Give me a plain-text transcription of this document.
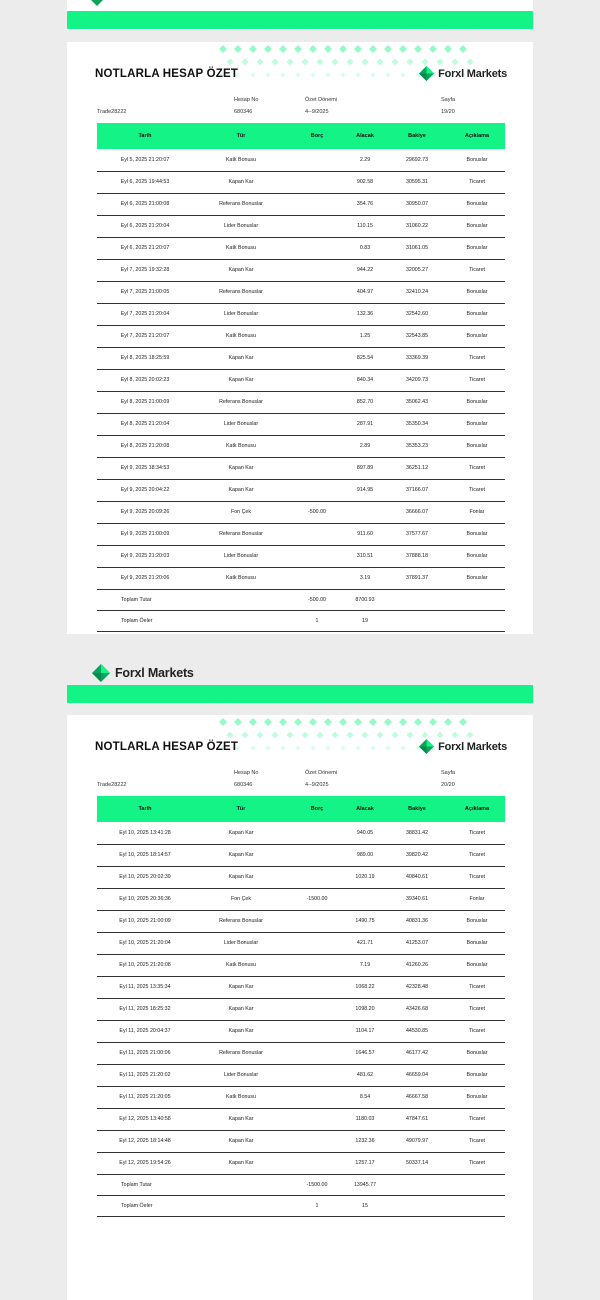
NOTLARLA HESAP ÖZET	Forxl Markets
Hesap No
680346
Trade28222
Özet Dönemi
4--9/2025
Sayfa
19/20
Tarih	Tür	Borç	Alacak	Bakiye	Açıklama
Eyl 5, 2025 21:20:07	Katk Bonusu		2.29	29692.73	Bonuslar
Eyl 6, 2025 19:44:53	Kapan Kar		902.58	30595.31	Ticaret
Eyl 6, 2025 21:00:08	Referans Bonuslar		354.76	30950.07	Bonuslar
Eyl 6, 2025 21:20:04	Lider Bonuslar		110.15	31060.22	Bonuslar
Eyl 6, 2025 21:20:07	Katk Bonusu		0.83	31061.05	Bonuslar
Eyl 7, 2025 19:32:28	Kapan Kar		944.22	32005.27	Ticaret
Eyl 7, 2025 21:00:05	Referans Bonuslar		404.97	32410.24	Bonuslar
Eyl 7, 2025 21:20:04	Lider Bonuslar		132.36	32542.60	Bonuslar
Eyl 7, 2025 21:20:07	Katk Bonusu		1.25	32543.85	Bonuslar
Eyl 8, 2025 18:25:59	Kapan Kar		825.54	33369.39	Ticaret
Eyl 8, 2025 20:02:23	Kapan Kar		840.34	34209.73	Ticaret
Eyl 8, 2025 21:00:09	Referans Bonuslar		852.70	35062.43	Bonuslar
Eyl 8, 2025 21:20:04	Lider Bonuslar		287.91	35350.34	Bonuslar
Eyl 8, 2025 21:20:08	Katk Bonusu		2.89	35353.23	Bonuslar
Eyl 9, 2025 18:34:53	Kapan Kar		897.89	36251.12	Ticaret
Eyl 9, 2025 20:04:22	Kapan Kar		914.95	37166.07	Ticaret
Eyl 9, 2025 20:09:26	Fon Çek	-500.00		36666.07	Fonlar
Eyl 9, 2025 21:00:09	Referans Bonuslar		911.60	37577.67	Bonuslar
Eyl 9, 2025 21:20:03	Lider Bonuslar		310.51	37888.18	Bonuslar
Eyl 9, 2025 21:20:06	Katk Bonusu		3.19	37891.37	Bonuslar
Toplam Tutar		-500.00	8700.93		
Toplam Öeler		1	19		
Forxl Markets
NOTLARLA HESAP ÖZET	Forxl Markets
Hesap No
680346
Trade28222
Özet Dönemi
4--9/2025
Sayfa
20/20
Tarih	Tür	Borç	Alacak	Bakiye	Açıklama
Eyl 10, 2025 13:41:28	Kapan Kar		940.05	38831.42	Ticaret
Eyl 10, 2025 18:14:57	Kapan Kar		989.00	39820.42	Ticaret
Eyl 10, 2025 20:02:39	Kapan Kar		1020.19	40840.61	Ticaret
Eyl 10, 2025 20:36:36	Fon Çek	-1500.00		39340.61	Fonlar
Eyl 10, 2025 21:00:09	Referans Bonuslar		1490.75	40831.36	Bonuslar
Eyl 10, 2025 21:20:04	Lider Bonuslar		421.71	41253.07	Bonuslar
Eyl 10, 2025 21:20:08	Katk Bonusu		7.19	41260.26	Bonuslar
Eyl 11, 2025 13:35:34	Kapan Kar		1068.22	42328.48	Ticaret
Eyl 11, 2025 18:25:32	Kapan Kar		1098.20	43426.68	Ticaret
Eyl 11, 2025 20:04:37	Kapan Kar		1104.17	44530.85	Ticaret
Eyl 11, 2025 21:00:06	Referans Bonuslar		1646.57	46177.42	Bonuslar
Eyl 11, 2025 21:20:02	Lider Bonuslar		481.62	46659.04	Bonuslar
Eyl 11, 2025 21:20:05	Katk Bonusu		8.54	46667.58	Bonuslar
Eyl 12, 2025 13:40:58	Kapan Kar		1180.03	47847.61	Ticaret
Eyl 12, 2025 18:14:48	Kapan Kar		1232.36	49079.97	Ticaret
Eyl 12, 2025 19:54:26	Kapan Kar		1257.17	50337.14	Ticaret
Toplam Tutar		-1500.00	13945.77		
Toplam Öeler		1	15		
